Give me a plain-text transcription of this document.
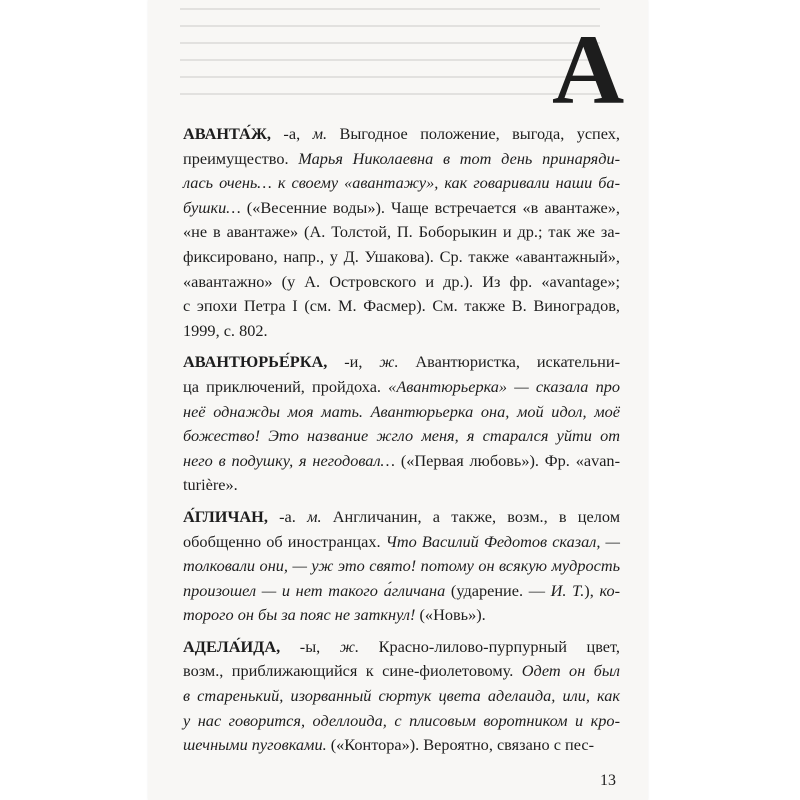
А
АВАНТА́Ж, -а, м. Выгодное положение, выгода, успех,
преимущество. Марья Николаевна в тот день принаряди-
лась очень… к своему «авантажу», как говаривали наши ба-
бушки… («Весенние воды»). Чаще встречается «в авантаже»,
«не в авантаже» (А. Толстой, П. Боборыкин и др.; так же за-
фиксировано, напр., у Д. Ушакова). Ср. также «авантажный»,
«авантажно» (у А. Островского и др.). Из фр. «avantage»;
с эпохи Петра I (см. М. Фасмер). См. также В. Виноградов,
1999, с. 802.
АВАНТЮРЬЕ́РКА, -и, ж. Авантюристка, искательни-
ца приключений, пройдоха. «Авантюрьерка» — сказала про
неё однажды моя мать. Авантюрьерка она, мой идол, моё
божество! Это название жгло меня, я старался уйти от
него в подушку, я негодовал… («Первая любовь»). Фр. «avan-
turière».
А́ГЛИЧАН, -а. м. Англичанин, а также, возм., в целом
обобщенно об иностранцах. Что Василий Федотов сказал, —
толковали они, — уж это свято! потому он всякую мудрость
произошел — и нет такого а́гличана (ударение. — И. Т.), ко-
торого он бы за пояс не заткнул! («Новь»).
АДЕЛА́ИДА, -ы, ж. Красно-лилово-пурпурный цвет,
возм., приближающийся к сине-фиолетовому. Одет он был
в старенький, изорванный сюртук цвета аделаида, или, как
у нас говорится, оделлоида, с плисовым воротником и кро-
шечными пуговками. («Контора»). Вероятно, связано с пес-
13
